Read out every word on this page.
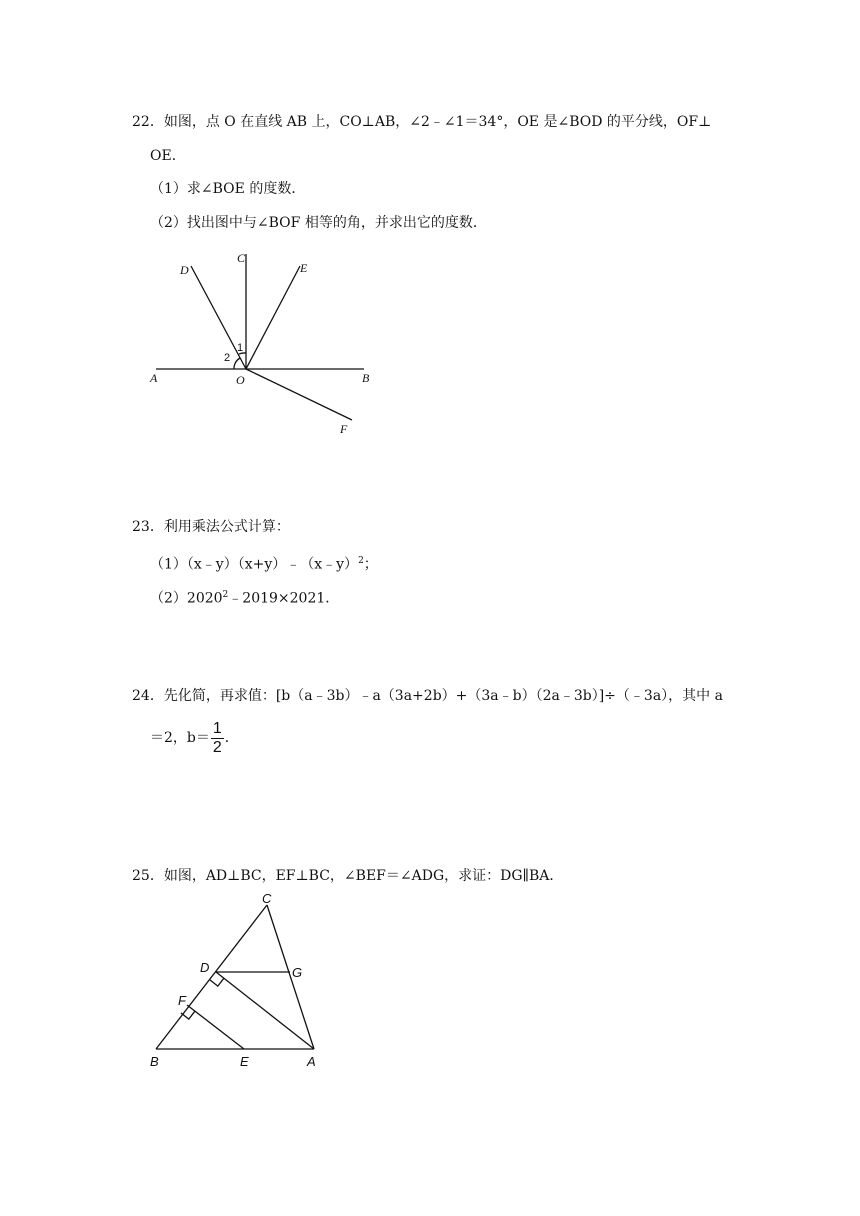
22．如图，点 O 在直线 AB 上，CO⊥AB，∠2﹣∠1＝34°，OE 是∠BOD 的平分线，OF⊥
OE．
（1）求∠BOE 的度数．
（2）找出图中与∠BOF 相等的角，并求出它的度数．
A	B
C
D	E
F
O
1
2
23．利用乘法公式计算：
（1）（x﹣y）（x+y）﹣（x﹣y）$^2$；
$(2)2020^2﹣2019\times 2021$．
24．先化简，再求值：[b（a﹣3b）﹣a（3a+2b）+（3a﹣b）（2a﹣3b）]÷（﹣3a），其中 a
＝2，$b= \frac{1}{2}$ ．
25．如图，AD⊥BC，EF⊥BC，∠BEF＝∠ADG，求证：DG∥BA．
C
D	G
F
B	E	A
